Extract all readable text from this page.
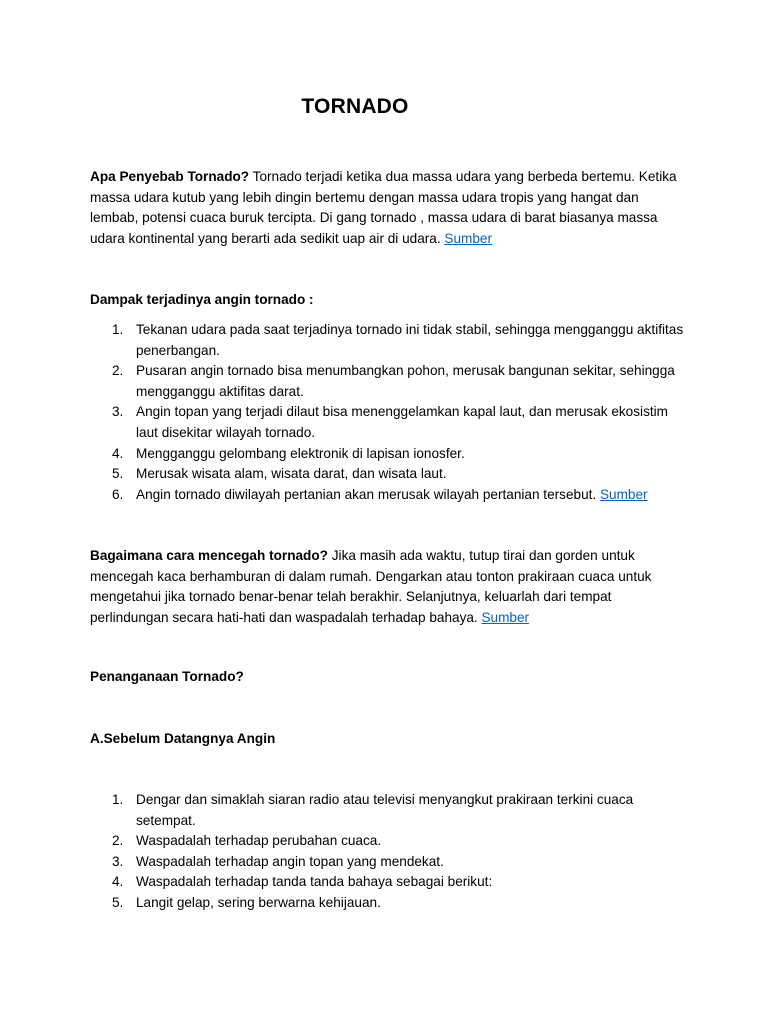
TORNADO
Apa Penyebab Tornado? Tornado terjadi ketika dua massa udara yang berbeda bertemu. Ketika massa udara kutub yang lebih dingin bertemu dengan massa udara tropis yang hangat dan lembab, potensi cuaca buruk tercipta. Di gang tornado , massa udara di barat biasanya massa udara kontinental yang berarti ada sedikit uap air di udara. Sumber
Dampak terjadinya angin tornado :
1. Tekanan udara pada saat terjadinya tornado ini tidak stabil, sehingga mengganggu aktifitas penerbangan.
2. Pusaran angin tornado bisa menumbangkan pohon, merusak bangunan sekitar, sehingga mengganggu aktifitas darat.
3. Angin topan yang terjadi dilaut bisa menenggelamkan kapal laut, dan merusak ekosistim laut disekitar wilayah tornado.
4. Mengganggu gelombang elektronik di lapisan ionosfer.
5. Merusak wisata alam, wisata darat, dan wisata laut.
6. Angin tornado diwilayah pertanian akan merusak wilayah pertanian tersebut. Sumber
Bagaimana cara mencegah tornado? Jika masih ada waktu, tutup tirai dan gorden untuk mencegah kaca berhamburan di dalam rumah. Dengarkan atau tonton prakiraan cuaca untuk mengetahui jika tornado benar-benar telah berakhir. Selanjutnya, keluarlah dari tempat perlindungan secara hati-hati dan waspadalah terhadap bahaya. Sumber
Penanganaan Tornado?
A.Sebelum Datangnya Angin
1. Dengar dan simaklah siaran radio atau televisi menyangkut prakiraan terkini cuaca setempat.
2. Waspadalah terhadap perubahan cuaca.
3. Waspadalah terhadap angin topan yang mendekat.
4. Waspadalah terhadap tanda tanda bahaya sebagai berikut:
5. Langit gelap, sering berwarna kehijauan.
